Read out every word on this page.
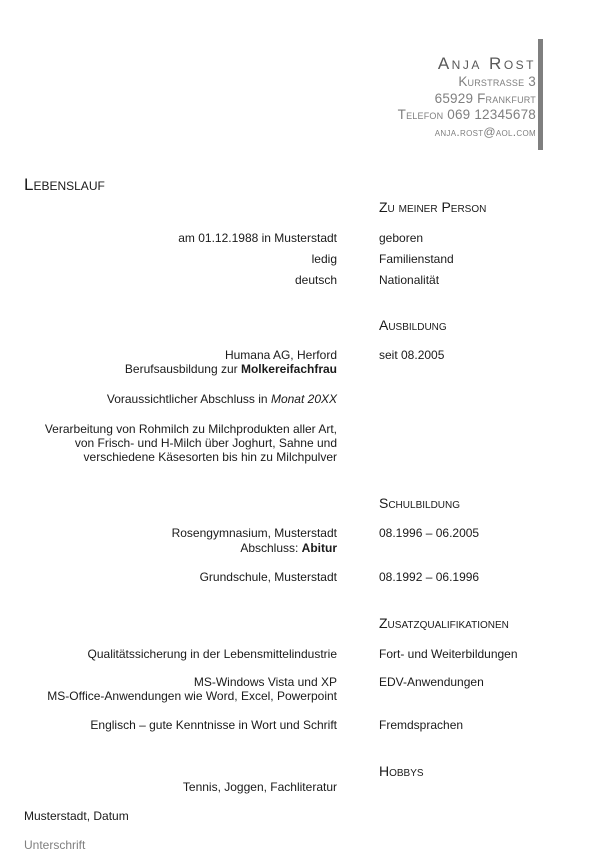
Anja Rost
Kurstrasse 3
65929 Frankfurt
Telefon 069 12345678
anja.rost@aol.com
Lebenslauf
Zu meiner Person
am 01.12.1988 in Musterstadt	geboren
ledig	Familienstand
deutsch	Nationalität
Ausbildung
Humana AG, Herford	seit 08.2005
Berufsausbildung zur Molkereifachfrau
Voraussichtlicher Abschluss in Monat 20XX
Verarbeitung von Rohmilch zu Milchprodukten aller Art,
von Frisch- und H-Milch über Joghurt, Sahne und
verschiedene Käsesorten bis hin zu Milchpulver
Schulbildung
Rosengymnasium, Musterstadt	08.1996 – 06.2005
Abschluss: Abitur
Grundschule, Musterstadt	08.1992 – 06.1996
Zusatzqualifikationen
Qualitätssicherung in der Lebensmittelindustrie	Fort- und Weiterbildungen
MS-Windows Vista und XP	EDV-Anwendungen
MS-Office-Anwendungen wie Word, Excel, Powerpoint
Englisch – gute Kenntnisse in Wort und Schrift	Fremdsprachen
Hobbys
Tennis, Joggen, Fachliteratur
Musterstadt, Datum
Unterschrift
